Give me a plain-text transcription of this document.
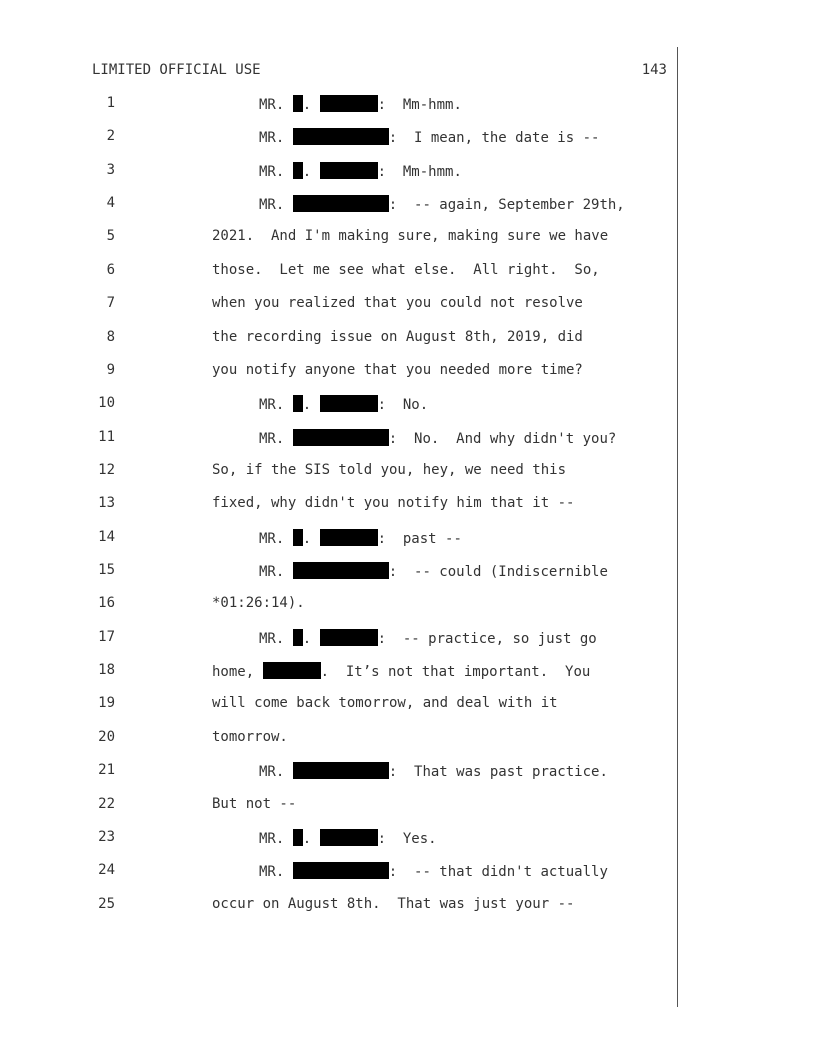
LIMITED OFFICIAL USE	143
1	MR. .	:  Mm-hmm.
2	MR.	:  I mean, the date is --
3	MR. .	:  Mm-hmm.
4	MR.	:  -- again, September 29th,
5	2021.  And I'm making sure, making sure we have
6	those.  Let me see what else.  All right.  So,
7	when you realized that you could not resolve
8	the recording issue on August 8th, 2019, did
9	you notify anyone that you needed more time?
10	MR. .	:  No.
11	MR.	:  No.  And why didn't you?
12	So, if the SIS told you, hey, we need this
13	fixed, why didn't you notify him that it --
14	MR. .	:  past --
15	MR.	:  -- could (Indiscernible
16	*01:26:14).
17	MR. .	:  -- practice, so just go
18	home,	.  It’s not that important.  You
19	will come back tomorrow, and deal with it
20	tomorrow.
21	MR.	:  That was past practice.
22	But not --
23	MR. .	:  Yes.
24	MR.	:  -- that didn't actually
25	occur on August 8th.  That was just your --
